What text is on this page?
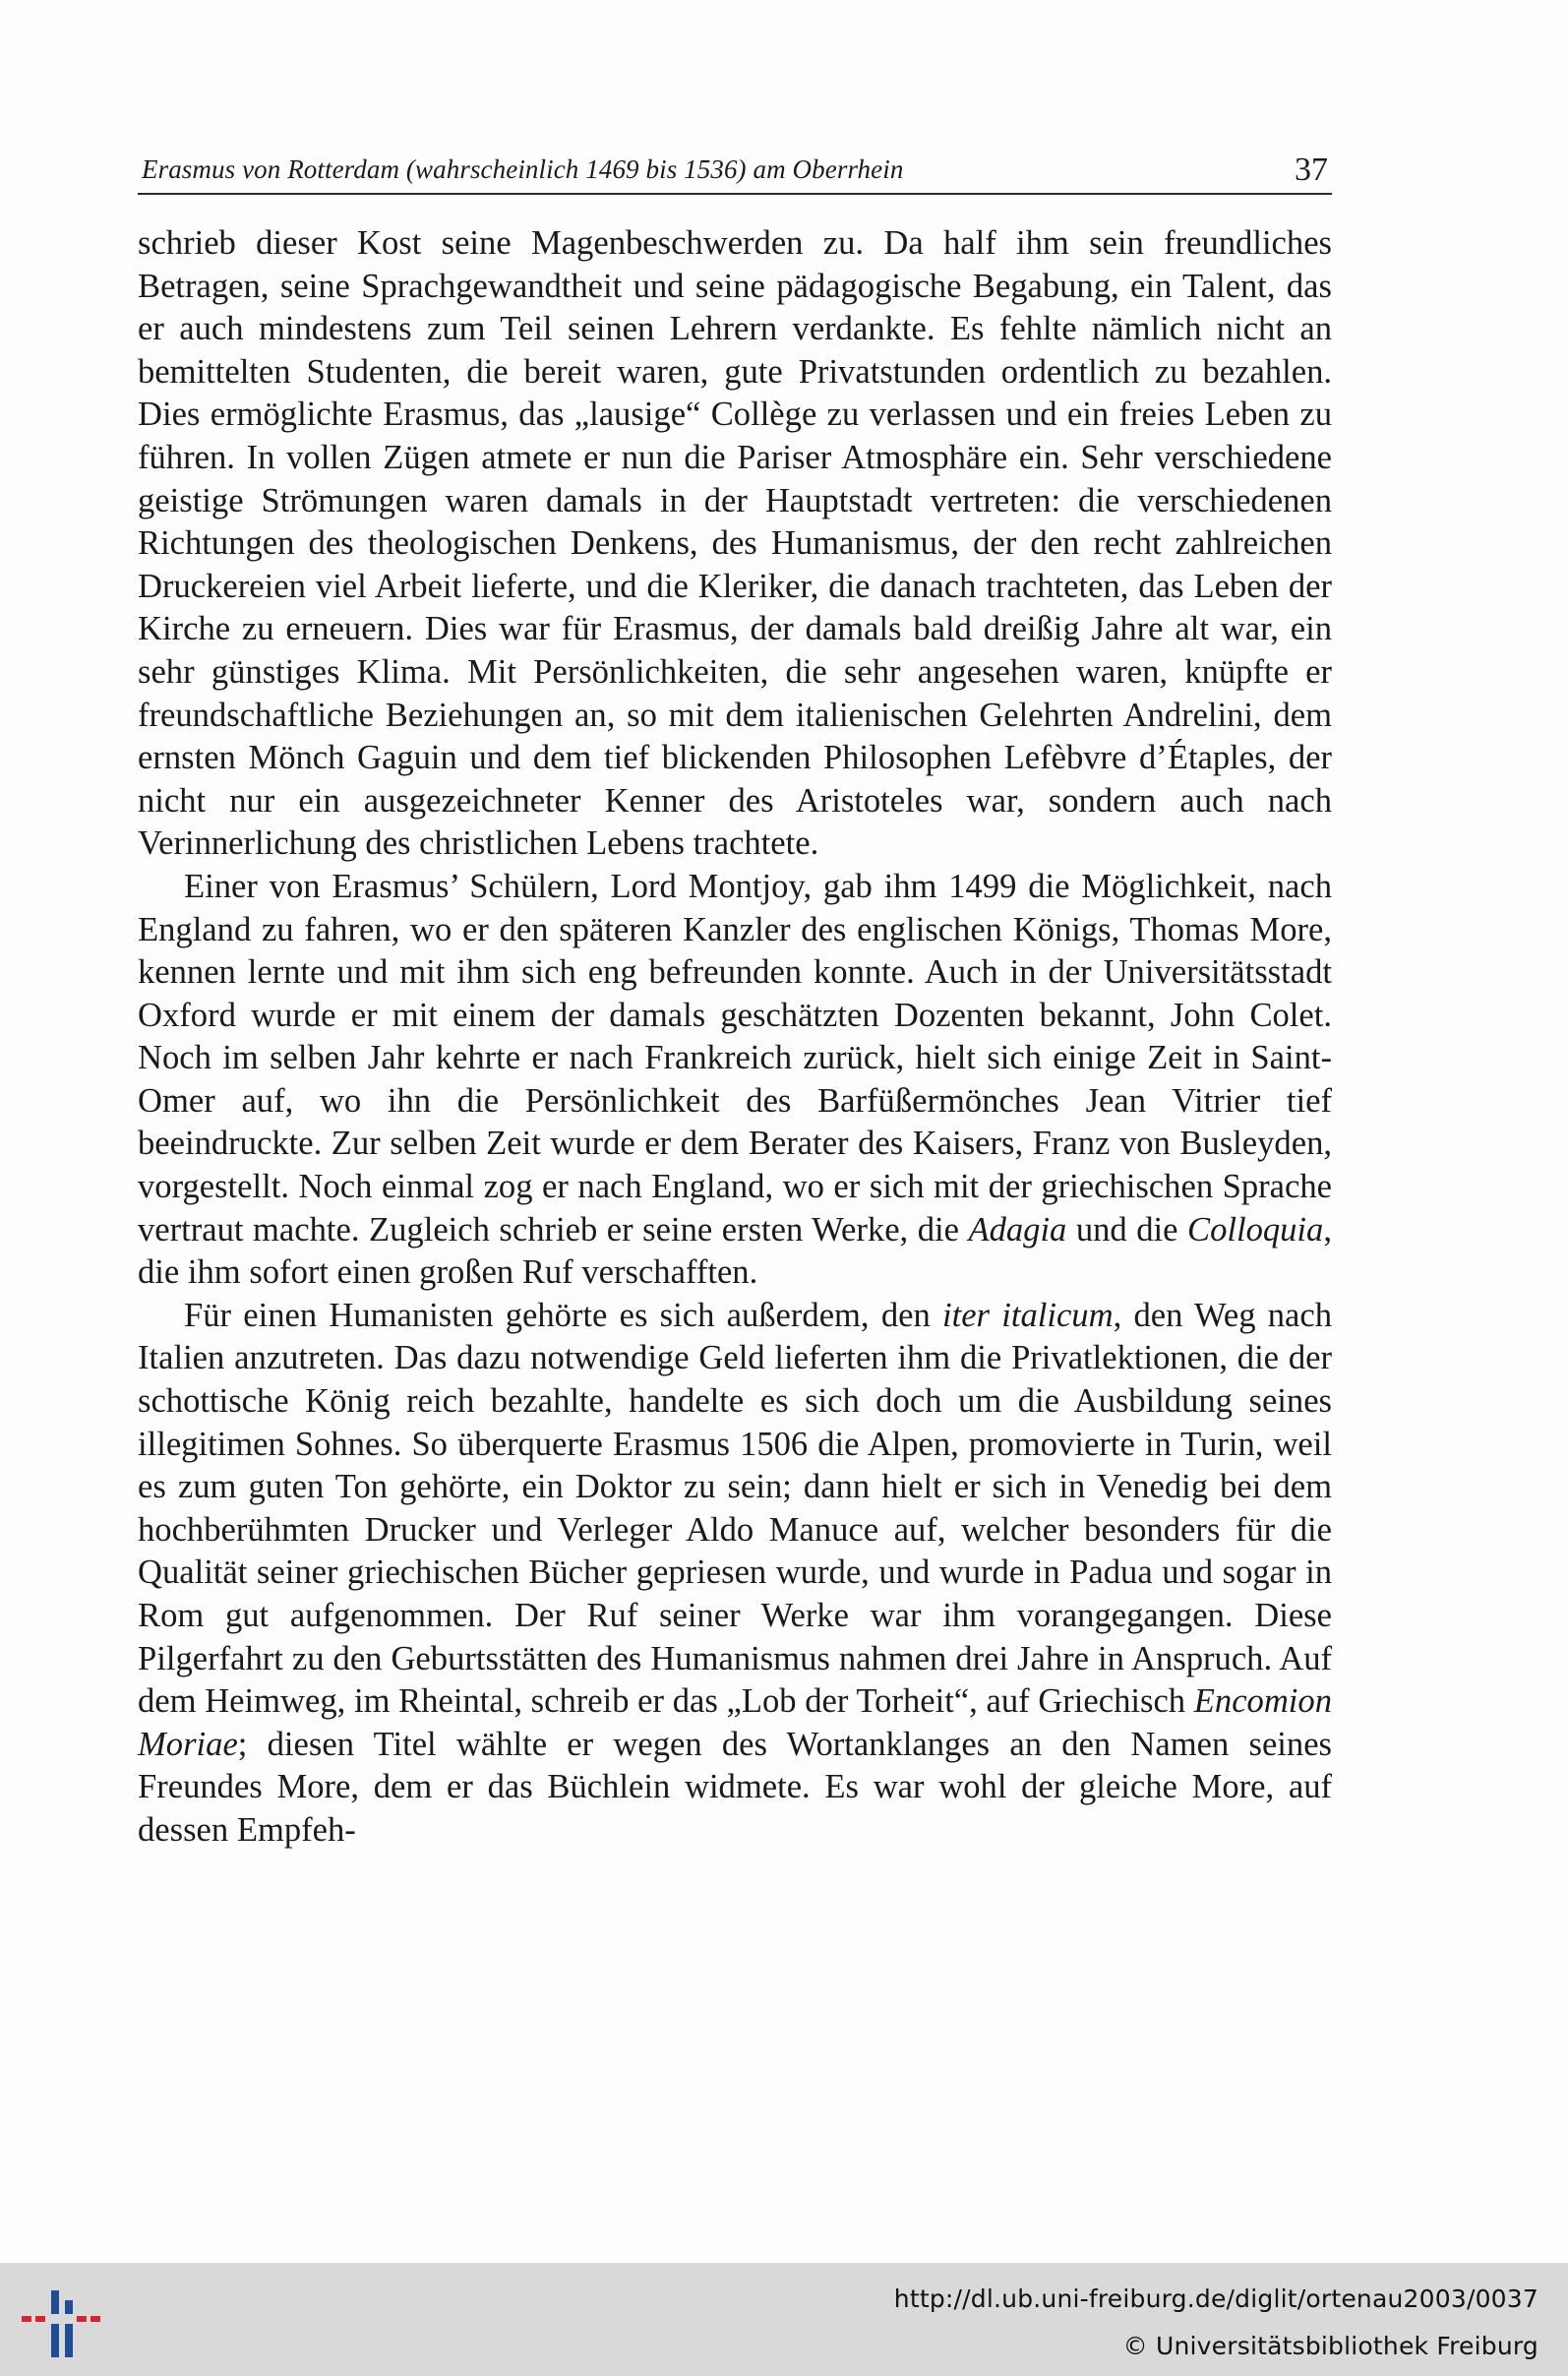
Erasmus von Rotterdam (wahrscheinlich 1469 bis 1536) am Oberrhein	37

schrieb dieser Kost seine Magenbeschwerden zu. Da half ihm sein freundliches Betragen, seine Sprachgewandtheit und seine pädagogische Begabung, ein Talent, das er auch mindestens zum Teil seinen Lehrern verdankte. Es fehlte nämlich nicht an bemittelten Studenten, die bereit waren, gute Privatstunden ordentlich zu bezahlen. Dies ermöglichte Erasmus, das „lausige“ Collège zu verlassen und ein freies Leben zu führen. In vollen Zügen atmete er nun die Pariser Atmosphäre ein. Sehr verschiedene geistige Strömungen waren damals in der Hauptstadt vertreten: die verschiedenen Richtungen des theologischen Denkens, des Humanismus, der den recht zahlreichen Druckereien viel Arbeit lieferte, und die Kleriker, die danach trachteten, das Leben der Kirche zu erneuern. Dies war für Erasmus, der damals bald dreißig Jahre alt war, ein sehr günstiges Klima. Mit Persönlichkeiten, die sehr angesehen waren, knüpfte er freundschaftliche Beziehungen an, so mit dem italienischen Gelehrten Andrelini, dem ernsten Mönch Gaguin und dem tief blickenden Philosophen Lefèbvre d’Étaples, der nicht nur ein ausgezeichneter Kenner des Aristoteles war, sondern auch nach Verinnerlichung des christlichen Lebens trachtete.

Einer von Erasmus’ Schülern, Lord Montjoy, gab ihm 1499 die Möglichkeit, nach England zu fahren, wo er den späteren Kanzler des englischen Königs, Thomas More, kennen lernte und mit ihm sich eng befreunden konnte. Auch in der Universitätsstadt Oxford wurde er mit einem der damals geschätzten Dozenten bekannt, John Colet. Noch im selben Jahr kehrte er nach Frankreich zurück, hielt sich einige Zeit in Saint-Omer auf, wo ihn die Persönlichkeit des Barfüßermönches Jean Vitrier tief beeindruckte. Zur selben Zeit wurde er dem Berater des Kaisers, Franz von Busleyden, vorgestellt. Noch einmal zog er nach England, wo er sich mit der griechischen Sprache vertraut machte. Zugleich schrieb er seine ersten Werke, die Adagia und die Colloquia, die ihm sofort einen großen Ruf verschafften.

Für einen Humanisten gehörte es sich außerdem, den iter italicum, den Weg nach Italien anzutreten. Das dazu notwendige Geld lieferten ihm die Privatlektionen, die der schottische König reich bezahlte, handelte es sich doch um die Ausbildung seines illegitimen Sohnes. So überquerte Erasmus 1506 die Alpen, promovierte in Turin, weil es zum guten Ton gehörte, ein Doktor zu sein; dann hielt er sich in Venedig bei dem hochberühmten Drucker und Verleger Aldo Manuce auf, welcher besonders für die Qualität seiner griechischen Bücher gepriesen wurde, und wurde in Padua und sogar in Rom gut aufgenommen. Der Ruf seiner Werke war ihm vorangegangen. Diese Pilgerfahrt zu den Geburtsstätten des Humanismus nahmen drei Jahre in Anspruch. Auf dem Heimweg, im Rheintal, schreib er das „Lob der Torheit“, auf Griechisch Encomion Moriae; diesen Titel wählte er wegen des Wortanklanges an den Namen seines Freundes More, dem er das Büchlein widmete. Es war wohl der gleiche More, auf dessen Empfeh-

http://dl.ub.uni-freiburg.de/diglit/ortenau2003/0037
© Universitätsbibliothek Freiburg
